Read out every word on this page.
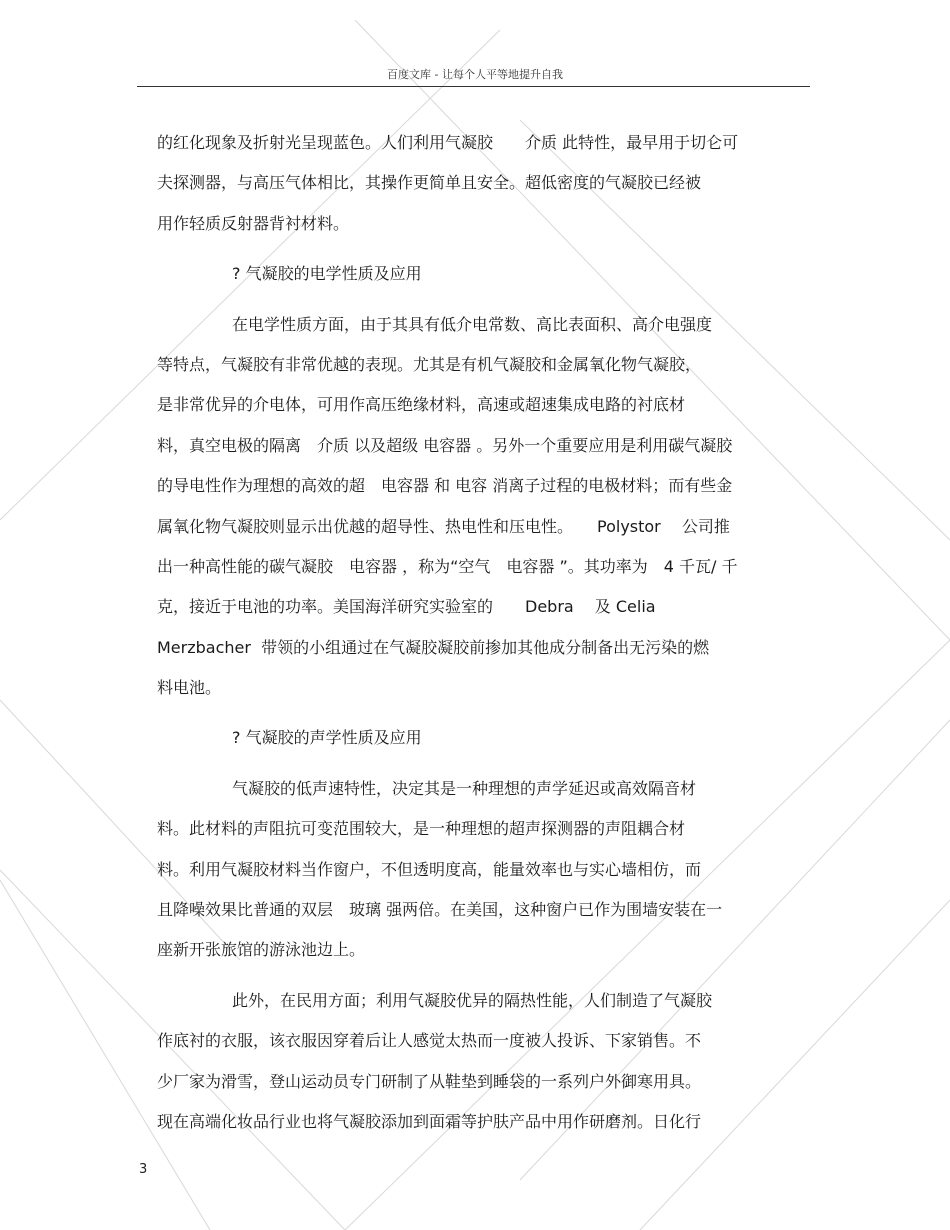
百度文库 - 让每个人平等地提升自我
的红化现象及折射光呈现蓝色。人们利用气凝胶　　介质 此特性，最早用于切仑可
夫探测器，与高压气体相比，其操作更简单且安全。超低密度的气凝胶已经被
用作轻质反射器背衬材料。
? 气凝胶的电学性质及应用
在电学性质方面，由于其具有低介电常数、高比表面积、高介电强度
等特点，气凝胶有非常优越的表现。尤其是有机气凝胶和金属氧化物气凝胶，
是非常优异的介电体，可用作高压绝缘材料，高速或超速集成电路的衬底材
料，真空电极的隔离　介质 以及超级 电容器 。另外一个重要应用是利用碳气凝胶
的导电性作为理想的高效的超　电容器 和 电容 消离子过程的电极材料；而有些金
属氧化物气凝胶则显示出优越的超导性、热电性和压电性。　　Polystor　 公司推
出一种高性能的碳气凝胶　电容器 ，称为“空气　电容器 ”。其功率为　4 千瓦/ 千
克，接近于电池的功率。美国海洋研究实验室的　　Debra　 及 Celia
Merzbacher  带领的小组通过在气凝胶凝胶前掺加其他成分制备出无污染的燃
料电池。
? 气凝胶的声学性质及应用
气凝胶的低声速特性，决定其是一种理想的声学延迟或高效隔音材
料。此材料的声阻抗可变范围较大，是一种理想的超声探测器的声阻耦合材
料。利用气凝胶材料当作窗户，不但透明度高，能量效率也与实心墙相仿，而
且降噪效果比普通的双层　玻璃 强两倍。在美国，这种窗户已作为围墙安装在一
座新开张旅馆的游泳池边上。
此外，在民用方面；利用气凝胶优异的隔热性能，人们制造了气凝胶
作底衬的衣服，该衣服因穿着后让人感觉太热而一度被人投诉、下家销售。不
少厂家为滑雪，登山运动员专门研制了从鞋垫到睡袋的一系列户外御寒用具。
现在高端化妆品行业也将气凝胶添加到面霜等护肤产品中用作研磨剂。日化行
3
